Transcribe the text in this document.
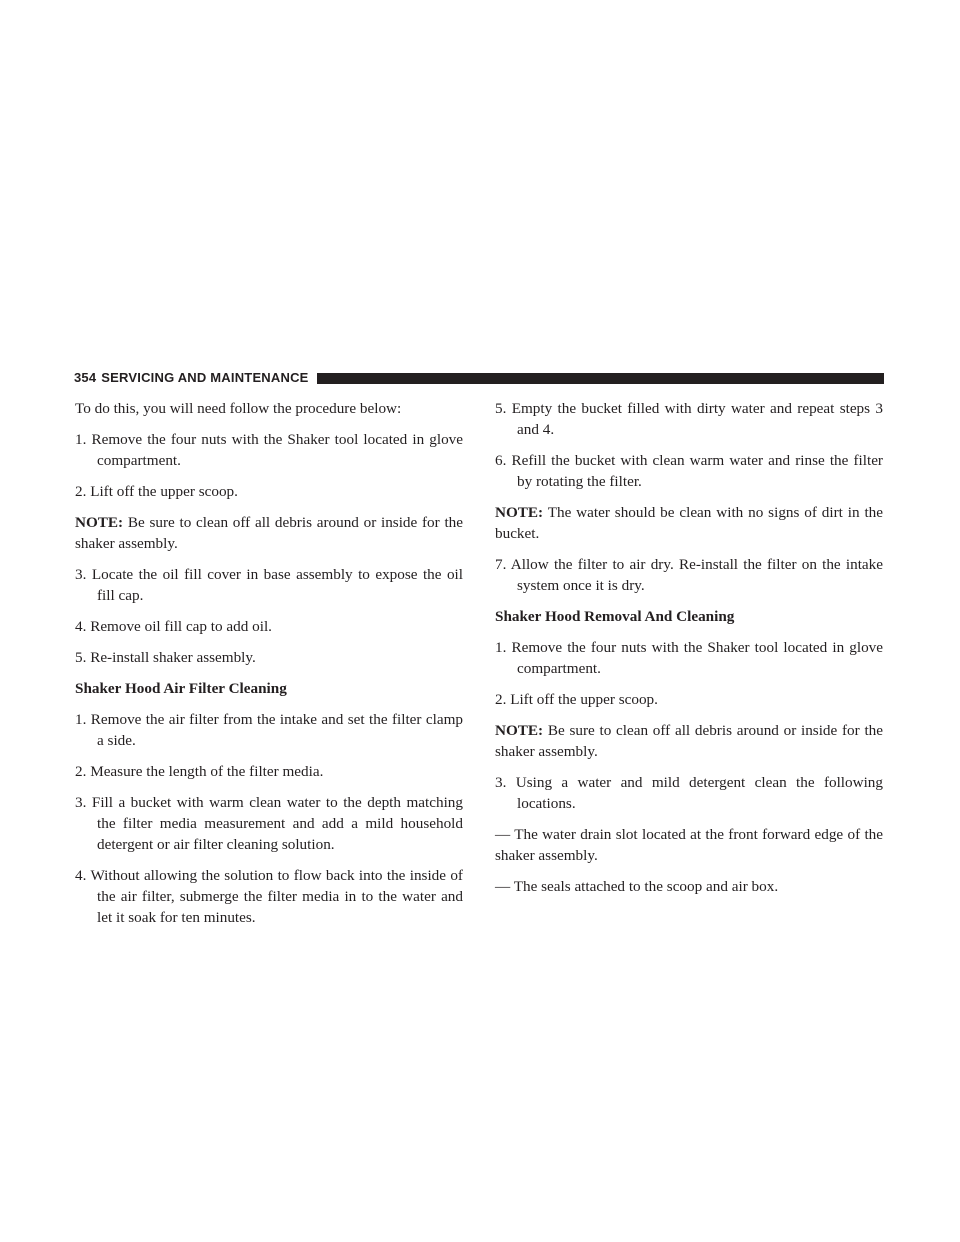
354 SERVICING AND MAINTENANCE

To do this, you will need follow the procedure below:

1. Remove the four nuts with the Shaker tool located in glove compartment.

2. Lift off the upper scoop.

NOTE: Be sure to clean off all debris around or inside for the shaker assembly.

3. Locate the oil fill cover in base assembly to expose the oil fill cap.

4. Remove oil fill cap to add oil.

5. Re-install shaker assembly.

Shaker Hood Air Filter Cleaning

1. Remove the air filter from the intake and set the filter clamp a side.

2. Measure the length of the filter media.

3. Fill a bucket with warm clean water to the depth matching the filter media measurement and add a mild household detergent or air filter cleaning solution.

4. Without allowing the solution to flow back into the inside of the air filter, submerge the filter media in to the water and let it soak for ten minutes.

5. Empty the bucket filled with dirty water and repeat steps 3 and 4.

6. Refill the bucket with clean warm water and rinse the filter by rotating the filter.

NOTE: The water should be clean with no signs of dirt in the bucket.

7. Allow the filter to air dry. Re-install the filter on the intake system once it is dry.

Shaker Hood Removal And Cleaning

1. Remove the four nuts with the Shaker tool located in glove compartment.

2. Lift off the upper scoop.

NOTE: Be sure to clean off all debris around or inside for the shaker assembly.

3. Using a water and mild detergent clean the following locations.

— The water drain slot located at the front forward edge of the shaker assembly.

— The seals attached to the scoop and air box.
